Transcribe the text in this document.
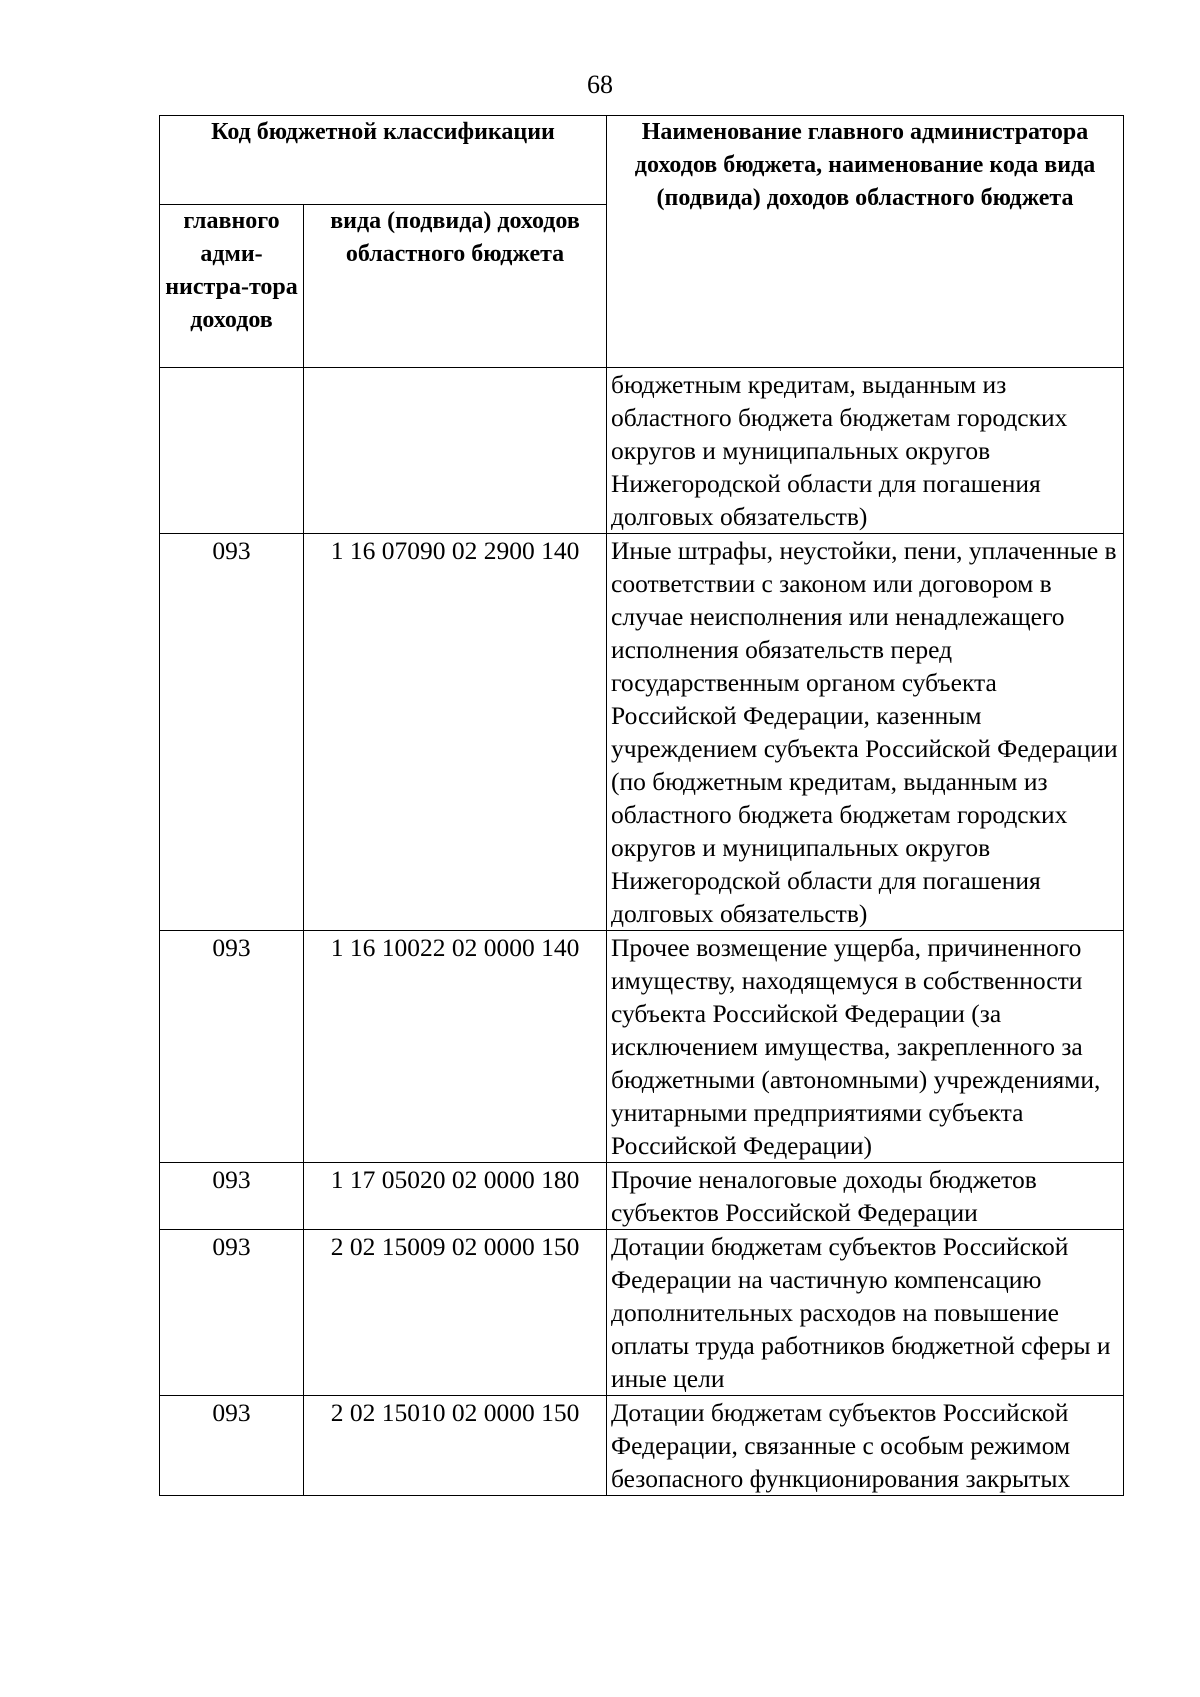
68
Код бюджетной классификации		Наименование главного администратора доходов бюджета, наименование кода вида (подвида) доходов областного бюджета
главного адми-нистра-тора доходов	вида (подвида) доходов областного бюджета	
		бюджетным кредитам, выданным из областного бюджета бюджетам городских округов и муниципальных округов Нижегородской области для погашения долговых обязательств)
093	1 16 07090 02 2900 140	Иные штрафы, неустойки, пени, уплаченные в соответствии с законом или договором в случае неисполнения или ненадлежащего исполнения обязательств перед государственным органом субъекта Российской Федерации, казенным учреждением субъекта Российской Федерации (по бюджетным кредитам, выданным из областного бюджета бюджетам городских округов и муниципальных округов Нижегородской области для погашения долговых обязательств)
093	1 16 10022 02 0000 140	Прочее возмещение ущерба, причиненного имуществу, находящемуся в собственности субъекта Российской Федерации (за исключением имущества, закрепленного за бюджетными (автономными) учреждениями, унитарными предприятиями субъекта Российской Федерации)
093	1 17 05020 02 0000 180	Прочие неналоговые доходы бюджетов субъектов Российской Федерации
093	2 02 15009 02 0000 150	Дотации бюджетам субъектов Российской Федерации на частичную компенсацию дополнительных расходов на повышение оплаты труда работников бюджетной сферы и иные цели
093	2 02 15010 02 0000 150	Дотации бюджетам субъектов Российской Федерации, связанные с особым режимом безопасного функционирования закрытых
